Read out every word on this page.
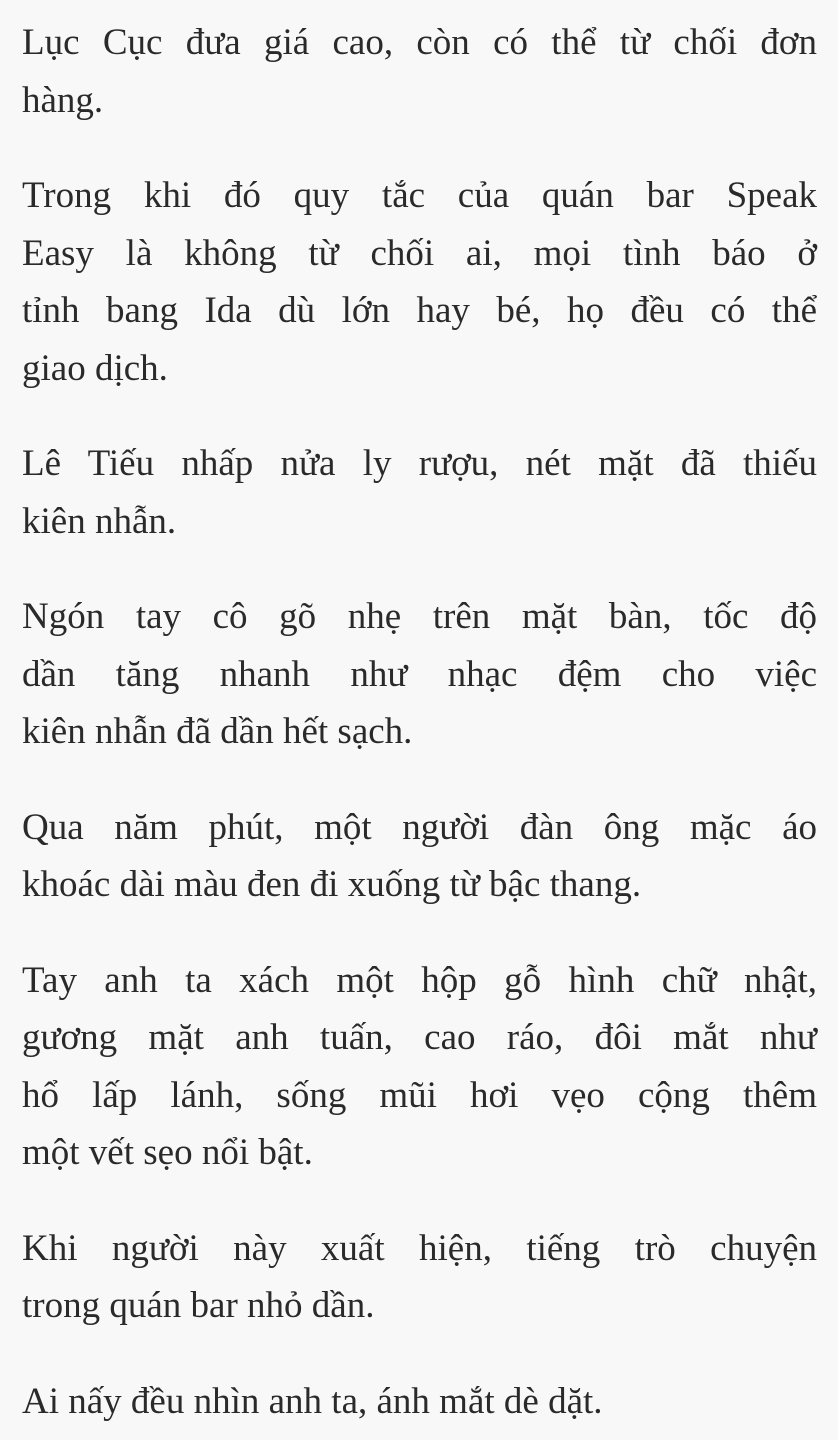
Lục Cục đưa giá cao, còn có thể từ chối đơn
hàng.
Trong khi đó quy tắc của quán bar Speak
Easy là không từ chối ai, mọi tình báo ở
tỉnh bang Ida dù lớn hay bé, họ đều có thể
giao dịch.
Lê Tiếu nhấp nửa ly rượu, nét mặt đã thiếu
kiên nhẫn.
Ngón tay cô gõ nhẹ trên mặt bàn, tốc độ
dần tăng nhanh như nhạc đệm cho việc
kiên nhẫn đã dần hết sạch.
Qua năm phút, một người đàn ông mặc áo
khoác dài màu đen đi xuống từ bậc thang.
Tay anh ta xách một hộp gỗ hình chữ nhật,
gương mặt anh tuấn, cao ráo, đôi mắt như
hổ lấp lánh, sống mũi hơi vẹo cộng thêm
một vết sẹo nổi bật.
Khi người này xuất hiện, tiếng trò chuyện
trong quán bar nhỏ dần.
Ai nấy đều nhìn anh ta, ánh mắt dè dặt.
